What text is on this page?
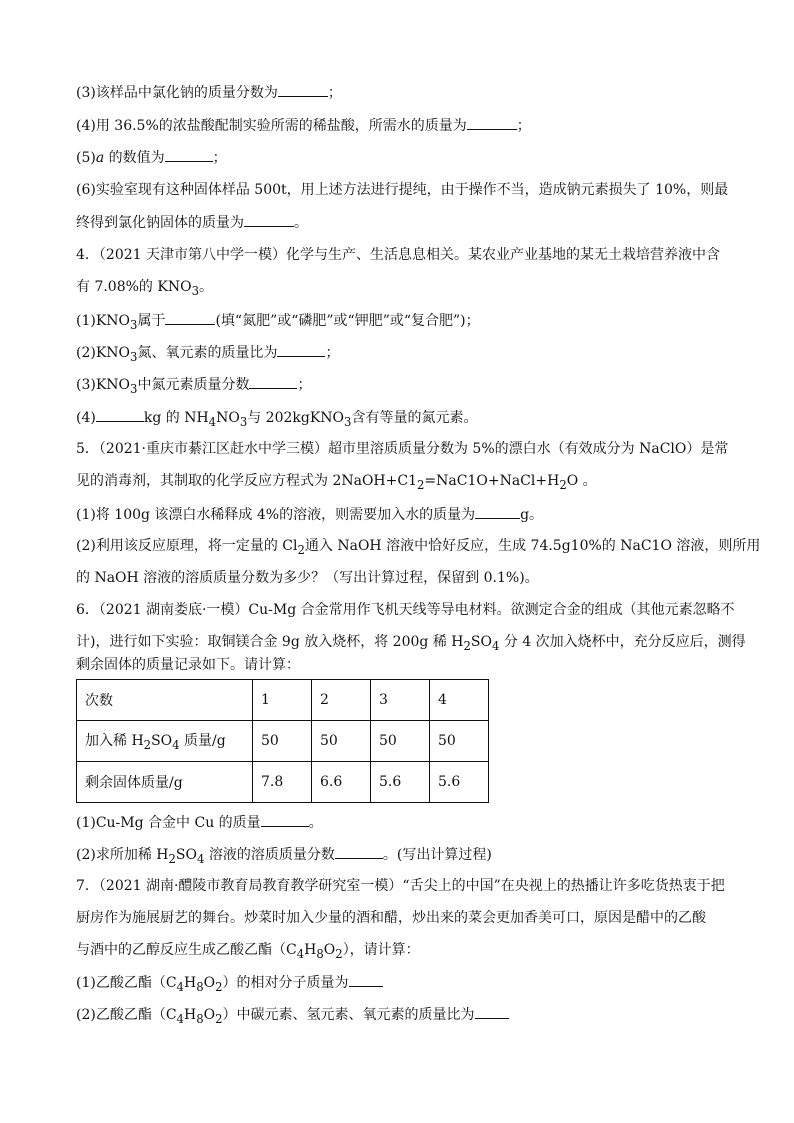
(3)该样品中氯化钠的质量分数为	；
(4)用 36.5%的浓盐酸配制实验所需的稀盐酸，所需水的质量为	；
(5)a 的数值为	；
(6)实验室现有这种固体样品 500t，用上述方法进行提纯，由于操作不当，造成钠元素损失了 10%，则最
终得到氯化钠固体的质量为	。
4．（2021 天津市第八中学一模）化学与生产、生活息息相关。某农业产业基地的某无土栽培营养液中含
有 7.08%的 $KNO_3$。
$(1)KNO_3$属于	(填“氮肥”或“磷肥”或“钾肥”或“复合肥”)；
$(2)KNO_3$氮、氧元素的质量比为	；
$(3)KNO_3$中氮元素质量分数	；
(4)	kg 的 $NH_4NO_3$与 202kgKNO$_3$含有等量的氮元素。
5．（2021·重庆市綦江区赶水中学三模）超市里溶质质量分数为 5%的漂白水（有效成分为 NaClO）是常
见的消毒剂，其制取的化学反应方程式为 $2NaOH+C1_2=NaC1O+NaCl+H_2O$ 。
(1)将 100g 该漂白水稀释成 4%的溶液，则需要加入水的质量为	g。
(2)利用该反应原理，将一定量的 $Cl_2$通入 NaOH 溶液中恰好反应，生成 74.5g10%的 NaC1O 溶液，则所用
的 NaOH 溶液的溶质质量分数为多少？（写出计算过程，保留到 0.1%)。
6．（2021 湖南娄底·一模）Cu-Mg 合金常用作飞机天线等导电材料。欲测定合金的组成（其他元素忽略不
计)，进行如下实验：取铜镁合金 9g 放入烧杯，将 200g 稀 $H_2SO_4$ 分 4 次加入烧杯中，充分反应后，测得
剩余固体的质量记录如下。请计算：
次数	1	2	3	4
加入稀 $H_2SO_4$ 质量/g	50	50	50	50
剩余固体质量/g	7.8	6.6	5.6	5.6
(1)Cu-Mg 合金中 Cu 的质量	。
(2)求所加稀 $H_2SO_4$ 溶液的溶质质量分数	。(写出计算过程)
7．（2021 湖南·醴陵市教育局教育教学研究室一模）“舌尖上的中国”在央视上的热播让许多吃货热衷于把
厨房作为施展厨艺的舞台。炒菜时加入少量的酒和醋，炒出来的菜会更加香美可口，原因是醋中的乙酸
与酒中的乙醇反应生成乙酸乙酯$(C_4H_8O_2)$，请计算：
(1)乙酸乙酯$(C_4H_8O_2)$的相对分子质量为
(2)乙酸乙酯$(C_4H_8O_2)$中碳元素、氢元素、氧元素的质量比为
